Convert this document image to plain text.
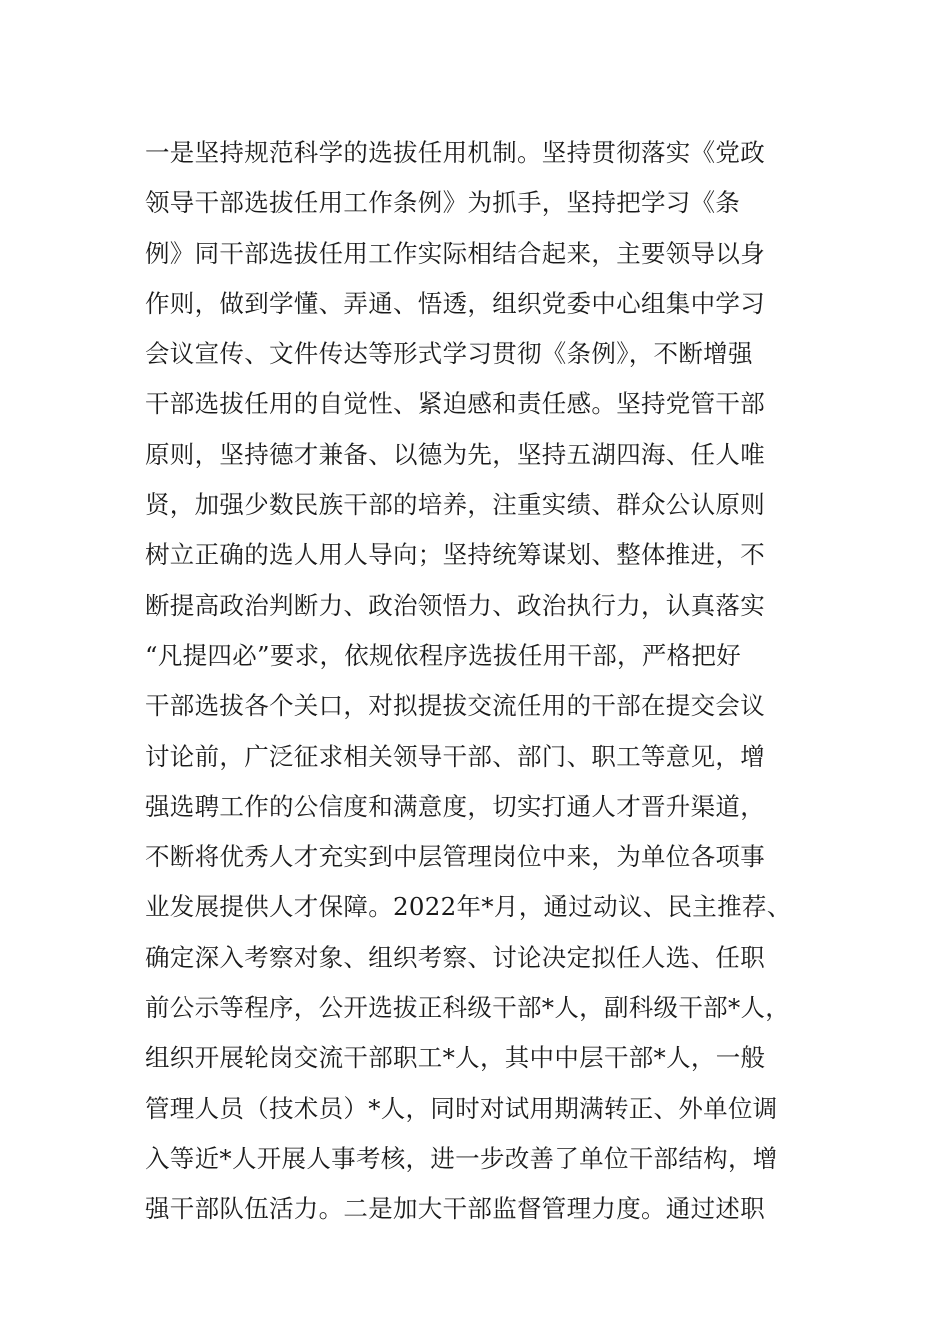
一是坚持规范科学的选拔任用机制。坚持贯彻落实《党政
领导干部选拔任用工作条例》为抓手，坚持把学习《条
例》同干部选拔任用工作实际相结合起来，主要领导以身
作则，做到学懂、弄通、悟透，组织党委中心组集中学习
会议宣传、文件传达等形式学习贯彻《条例》，不断增强
干部选拔任用的自觉性、紧迫感和责任感。坚持党管干部
原则，坚持德才兼备、以德为先，坚持五湖四海、任人唯
贤，加强少数民族干部的培养，注重实绩、群众公认原则
树立正确的选人用人导向；坚持统筹谋划、整体推进，不
断提高政治判断力、政治领悟力、政治执行力，认真落实
“凡提四必”要求，依规依程序选拔任用干部，严格把好
干部选拔各个关口，对拟提拔交流任用的干部在提交会议
讨论前，广泛征求相关领导干部、部门、职工等意见，增
强选聘工作的公信度和满意度，切实打通人才晋升渠道，
不断将优秀人才充实到中层管理岗位中来，为单位各项事
业发展提供人才保障。2022年*月，通过动议、民主推荐、
确定深入考察对象、组织考察、讨论决定拟任人选、任职
前公示等程序，公开选拔正科级干部*人，副科级干部*人，
组织开展轮岗交流干部职工*人，其中中层干部*人，一般
管理人员（技术员）*人，同时对试用期满转正、外单位调
入等近*人开展人事考核，进一步改善了单位干部结构，增
强干部队伍活力。二是加大干部监督管理力度。通过述职
